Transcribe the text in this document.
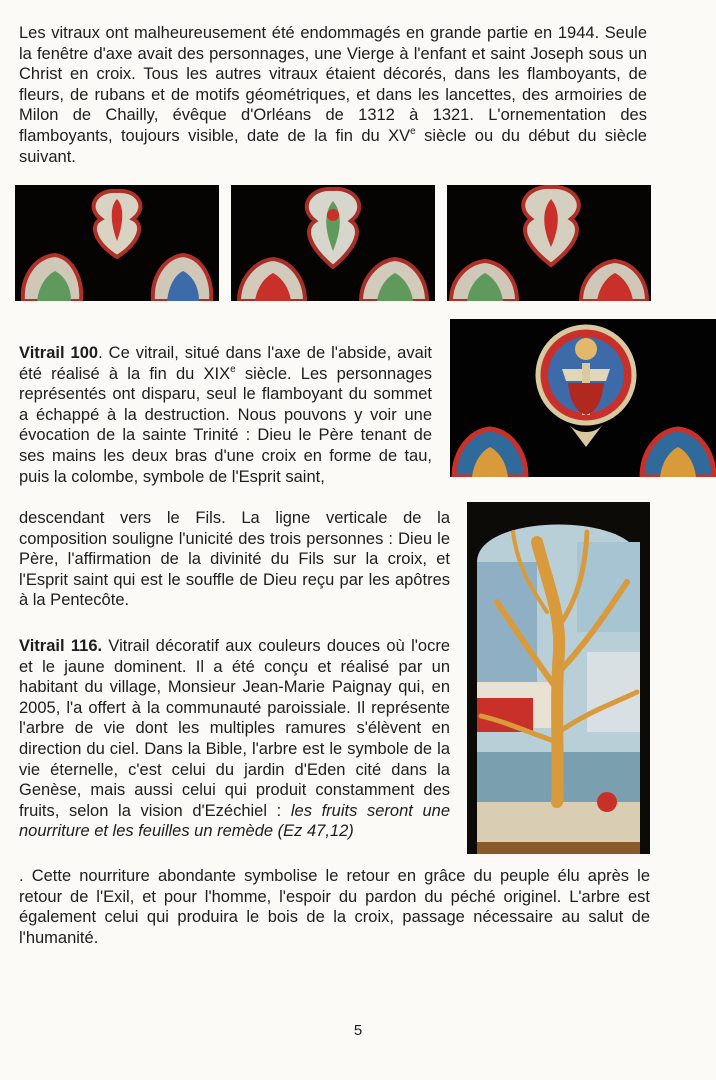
Les vitraux ont malheureusement été endommagés en grande partie en 1944. Seule la fenêtre d'axe avait des personnages, une Vierge à l'enfant et saint Joseph sous un Christ en croix. Tous les autres vitraux étaient décorés, dans les flamboyants, de fleurs, de rubans et de motifs géométriques, et dans les lancettes, des armoiries de Milon de Chailly, évêque d'Orléans de 1312 à 1321. L'ornementation des flamboyants, toujours visible, date de la fin du XVe siècle ou du début du siècle suivant.

Vitrail 100. Ce vitrail, situé dans l'axe de l'abside, avait été réalisé à la fin du XIXe siècle. Les personnages représentés ont disparu, seul le flamboyant du sommet a échappé à la destruction. Nous pouvons y voir une évocation de la sainte Trinité : Dieu le Père tenant de ses mains les deux bras d'une croix en forme de tau, puis la colombe, symbole de l'Esprit saint,

descendant vers le Fils. La ligne verticale de la composition souligne l'unicité des trois personnes : Dieu le Père, l'affirmation de la divinité du Fils sur la croix, et l'Esprit saint qui est le souffle de Dieu reçu par les apôtres à la Pentecôte.

Vitrail 116. Vitrail décoratif aux couleurs douces où l'ocre et le jaune dominent. Il a été conçu et réalisé par un habitant du village, Monsieur Jean-Marie Paignay qui, en 2005, l'a offert à la communauté paroissiale. Il représente l'arbre de vie dont les multiples ramures s'élèvent en direction du ciel. Dans la Bible, l'arbre est le symbole de la vie éternelle, c'est celui du jardin d'Eden cité dans la Genèse, mais aussi celui qui produit constamment des fruits, selon la vision d'Ezéchiel : les fruits seront une nourriture et les feuilles un remède (Ez 47,12)

. Cette nourriture abondante symbolise le retour en grâce du peuple élu après le retour de l'Exil, et pour l'homme, l'espoir du pardon du péché originel. L'arbre est également celui qui produira le bois de la croix, passage nécessaire au salut de l'humanité.

5
